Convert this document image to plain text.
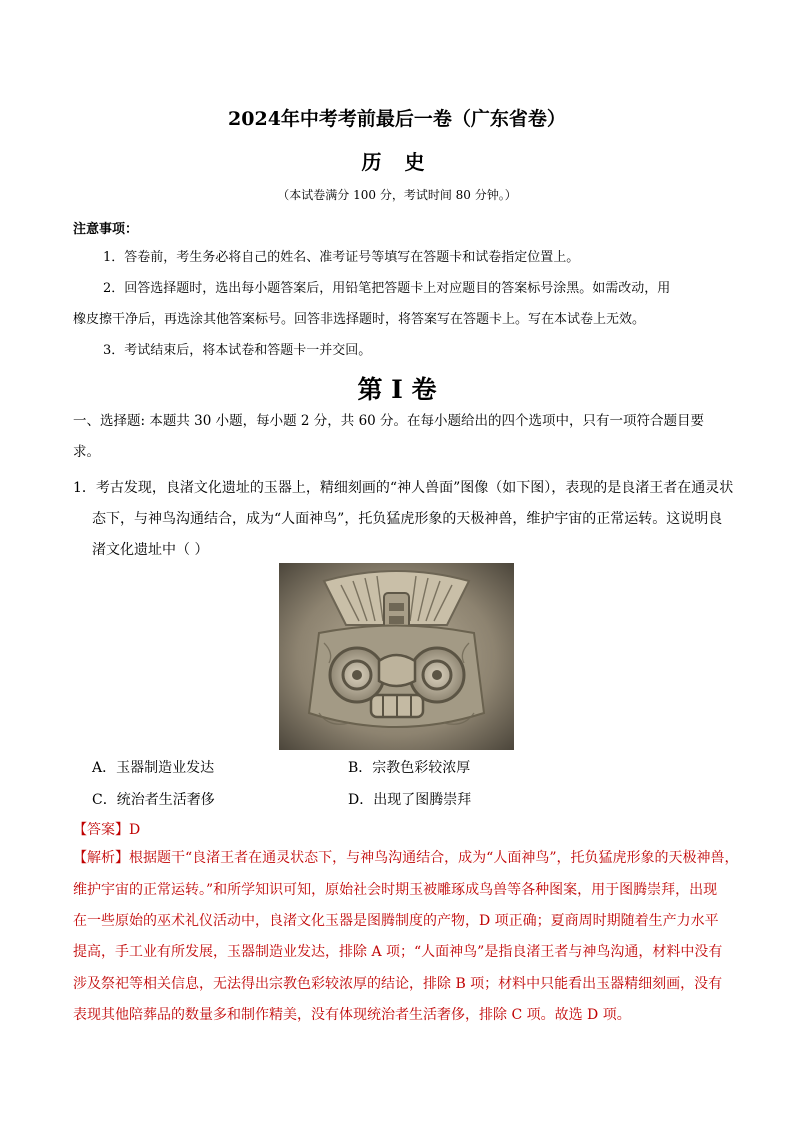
2024年中考考前最后一卷（广东省卷）
历 史
（本试卷满分 100 分，考试时间 80 分钟。）
注意事项：
1．答卷前，考生务必将自己的姓名、准考证号等填写在答题卡和试卷指定位置上。
2．回答选择题时，选出每小题答案后，用铅笔把答题卡上对应题目的答案标号涂黑。如需改动，用
橡皮擦干净后，再选涂其他答案标号。回答非选择题时，将答案写在答题卡上。写在本试卷上无效。
3．考试结束后，将本试卷和答题卡一并交回。
第 I 卷
一、选择题: 本题共 30 小题，每小题 2 分，共 60 分。在每小题给出的四个选项中，只有一项符合题目要
求。
1．考古发现，良渚文化遗址的玉器上，精细刻画的“神人兽面”图像（如下图），表现的是良渚王者在通灵状
态下，与神鸟沟通结合，成为“人面神鸟”，托负猛虎形象的天极神兽，维护宇宙的正常运转。这说明良
渚文化遗址中（ ）
A．玉器制造业发达	B．宗教色彩较浓厚
C．统治者生活奢侈	D．出现了图腾崇拜
【答案】D
【解析】根据题干“良渚王者在通灵状态下，与神鸟沟通结合，成为“人面神鸟”，托负猛虎形象的天极神兽，
维护宇宙的正常运转。”和所学知识可知，原始社会时期玉被雕琢成鸟兽等各种图案，用于图腾崇拜，出现
在一些原始的巫术礼仪活动中，良渚文化玉器是图腾制度的产物，D 项正确；夏商周时期随着生产力水平
提高，手工业有所发展，玉器制造业发达，排除 A 项；“人面神鸟”是指良渚王者与神鸟沟通，材料中没有
涉及祭祀等相关信息，无法得出宗教色彩较浓厚的结论，排除 B 项；材料中只能看出玉器精细刻画，没有
表现其他陪葬品的数量多和制作精美，没有体现统治者生活奢侈，排除 C 项。故选 D 项。
